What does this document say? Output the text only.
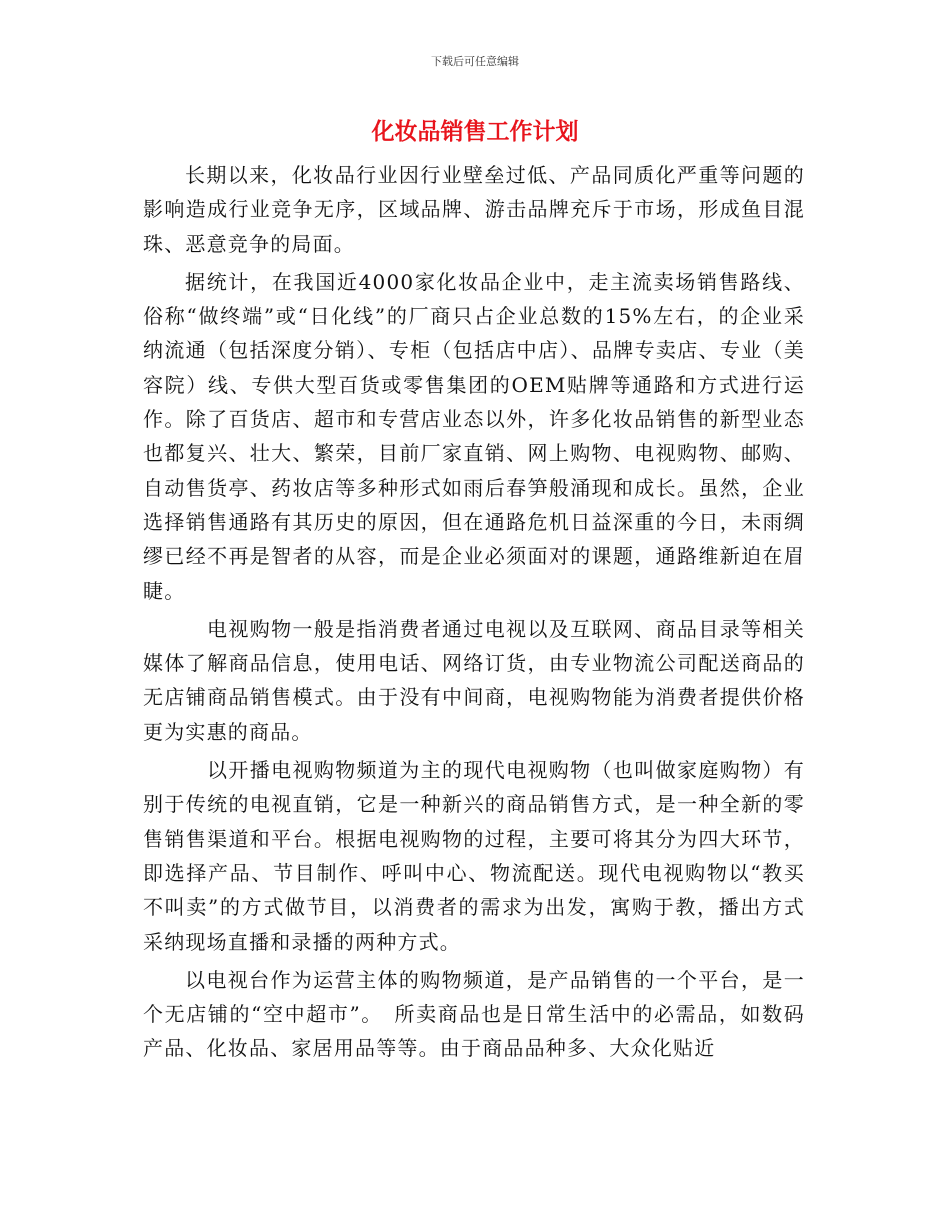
下载后可任意编辑
化妆品销售工作计划

长期以来，化妆品行业因行业壁垒过低、产品同质化严重等问题的影响造成行业竞争无序，区域品牌、游击品牌充斥于市场，形成鱼目混珠、恶意竞争的局面。

据统计，在我国近4000家化妆品企业中，走主流卖场销售路线、俗称“做终端”或“日化线”的厂商只占企业总数的15%左右，的企业采纳流通（包括深度分销）、专柜（包括店中店）、品牌专卖店、专业（美容院）线、专供大型百货或零售集团的OEM贴牌等通路和方式进行运作。除了百货店、超市和专营店业态以外，许多化妆品销售的新型业态也都复兴、壮大、繁荣，目前厂家直销、网上购物、电视购物、邮购、自动售货亭、药妆店等多种形式如雨后春笋般涌现和成长。虽然，企业选择销售通路有其历史的原因，但在通路危机日益深重的今日，未雨绸缪已经不再是智者的从容，而是企业必须面对的课题，通路维新迫在眉睫。

电视购物一般是指消费者通过电视以及互联网、商品目录等相关媒体了解商品信息，使用电话、网络订货，由专业物流公司配送商品的无店铺商品销售模式。由于没有中间商，电视购物能为消费者提供价格更为实惠的商品。

以开播电视购物频道为主的现代电视购物（也叫做家庭购物）有别于传统的电视直销，它是一种新兴的商品销售方式，是一种全新的零售销售渠道和平台。根据电视购物的过程，主要可将其分为四大环节，即选择产品、节目制作、呼叫中心、物流配送。现代电视购物以“教买不叫卖”的方式做节目，以消费者的需求为出发，寓购于教，播出方式采纳现场直播和录播的两种方式。

以电视台作为运营主体的购物频道，是产品销售的一个平台，是一个无店铺的“空中超市”。　所卖商品也是日常生活中的必需品，如数码产品、化妆品、家居用品等等。由于商品品种多、大众化贴近
